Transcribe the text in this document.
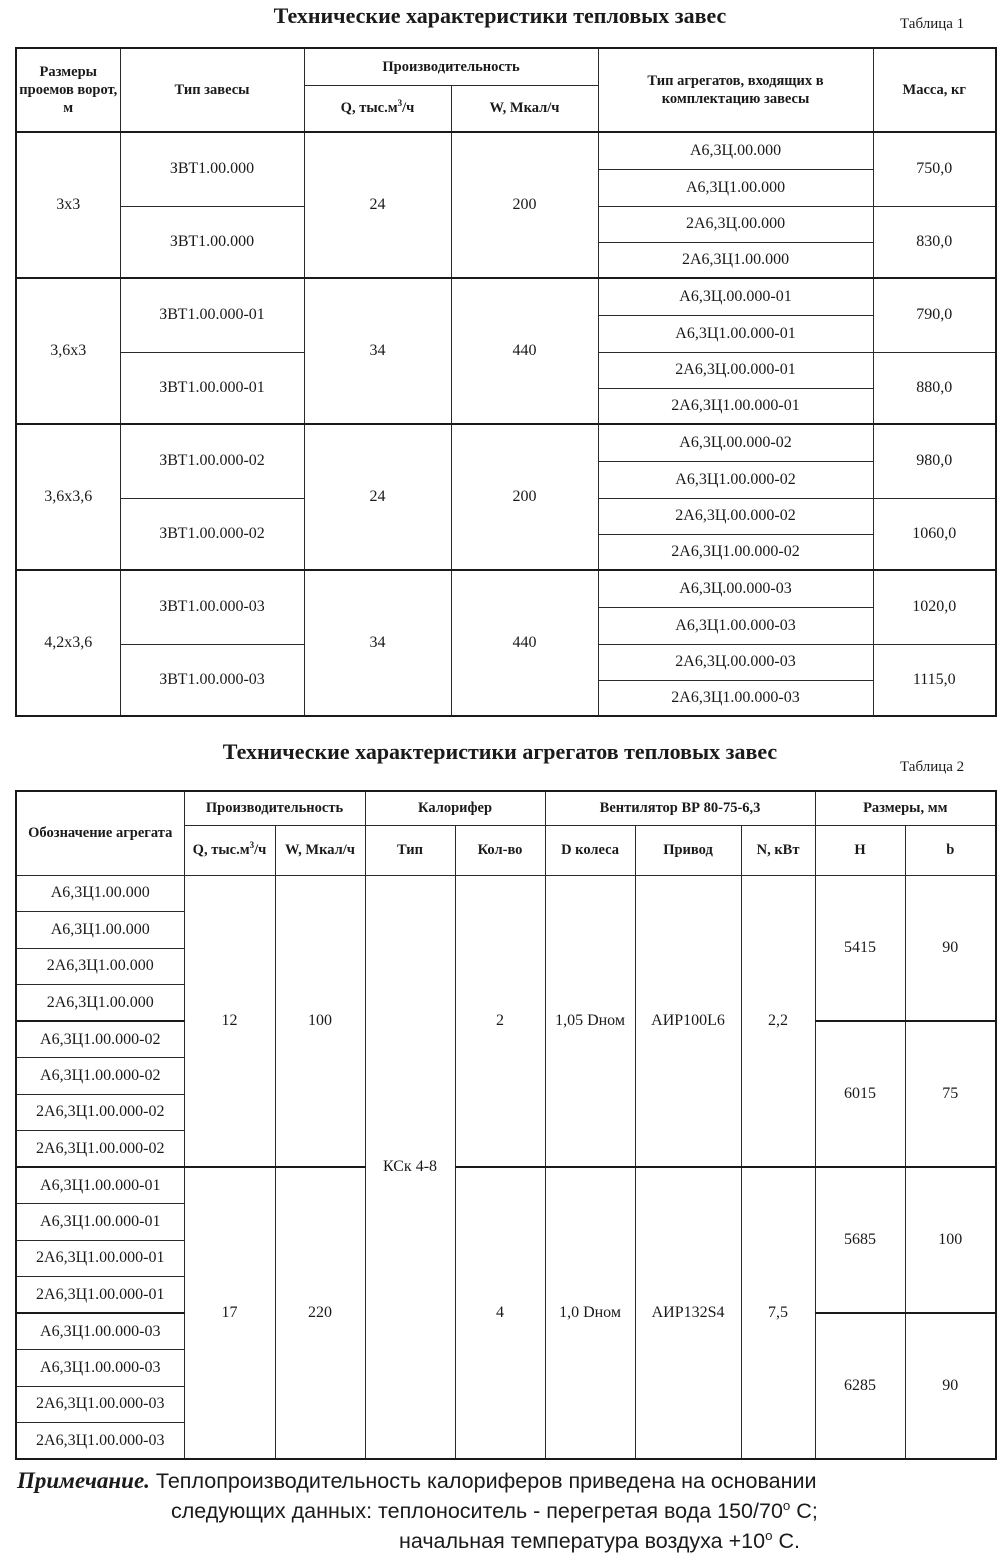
Технические характеристики тепловых завес	Таблица 1
Размеры проемов ворот, м	Тип завесы	Производительность		Тип агрегатов, входящих в комплектацию завесы	Масса, кг
		Q, $тыс.м^3/ч$	W, Мкал/ч		
3x3	ЗВТ1.00.000	24	200	А6,3Ц.00.000	750,0
				А6,3Ц1.00.000	
	ЗВТ1.00.000			2А6,3Ц.00.000	830,0
				2А6,3Ц1.00.000	
3,6x3	ЗВТ1.00.000-01	34	440	А6,3Ц.00.000-01	790,0
				А6,3Ц1.00.000-01	
	ЗВТ1.00.000-01			2А6,3Ц.00.000-01	880,0
				2А6,3Ц1.00.000-01	
3,6x3,6	ЗВТ1.00.000-02	24	200	А6,3Ц.00.000-02	980,0
				А6,3Ц1.00.000-02	
	ЗВТ1.00.000-02			2А6,3Ц.00.000-02	1060,0
				2А6,3Ц1.00.000-02	
4,2x3,6	ЗВТ1.00.000-03	34	440	А6,3Ц.00.000-03	1020,0
				А6,3Ц1.00.000-03	
	ЗВТ1.00.000-03			2А6,3Ц.00.000-03	1115,0
				2А6,3Ц1.00.000-03	
Технические характеристики агрегатов тепловых завес
Таблица 2
Обозначение агрегата	Производительность		Калорифер		Вентилятор ВР 80-75-6,3			Размеры, мм	
	Q, $тыс.м^3/ч$	W, Мкал/ч	Тип	Кол-во	D колеса	Привод	N, кВт	H	b
А6,3Ц1.00.000	12	100	КСк 4-8	2	1,05 Dном	АИР100L6	2,2	5415	90
А6,3Ц1.00.000									
2А6,3Ц1.00.000									
2А6,3Ц1.00.000									
А6,3Ц1.00.000-02								6015	75
А6,3Ц1.00.000-02									
2А6,3Ц1.00.000-02									
2А6,3Ц1.00.000-02									
А6,3Ц1.00.000-01	17	220		4	1,0 Dном	АИР132S4	7,5	5685	100
А6,3Ц1.00.000-01									
2А6,3Ц1.00.000-01									
2А6,3Ц1.00.000-01									
А6,3Ц1.00.000-03								6285	90
А6,3Ц1.00.000-03									
2А6,3Ц1.00.000-03									
2А6,3Ц1.00.000-03									
Примечание. Теплопроизводительность калориферов приведена на основании
следующих данных: теплоноситель - перегретая вода $150/70^о$ С;
начальная температура воздуха $+10^о$ С.
